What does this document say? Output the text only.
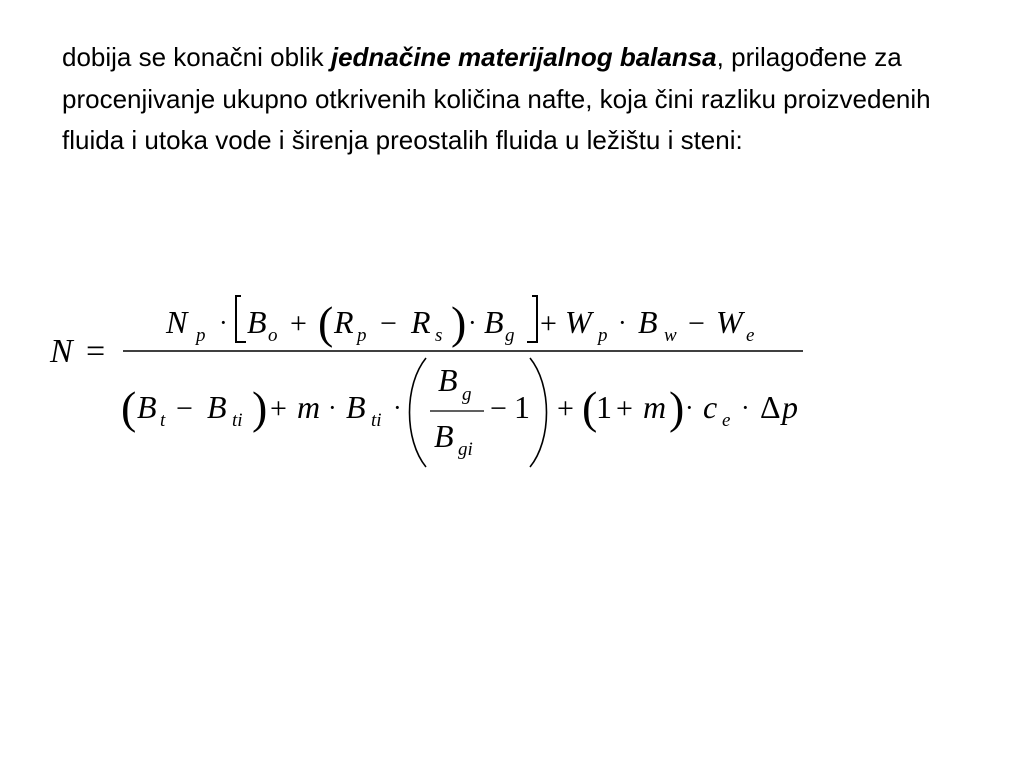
dobija se konačni oblik jednačine materijalnog balansa, prilagođene za procenjivanje ukupno otkrivenih količina nafte, koja čini razliku proizvedenih fluida i utoka vode i širenja preostalih fluida u ležištu i steni:

N =
N p · B o + ( R p − R s ) · B g + W p · B w − W e
( B t − B ti ) + m · B ti ·
B g
B gi
− 1 + (
1 + m ) · c e · Δ p
